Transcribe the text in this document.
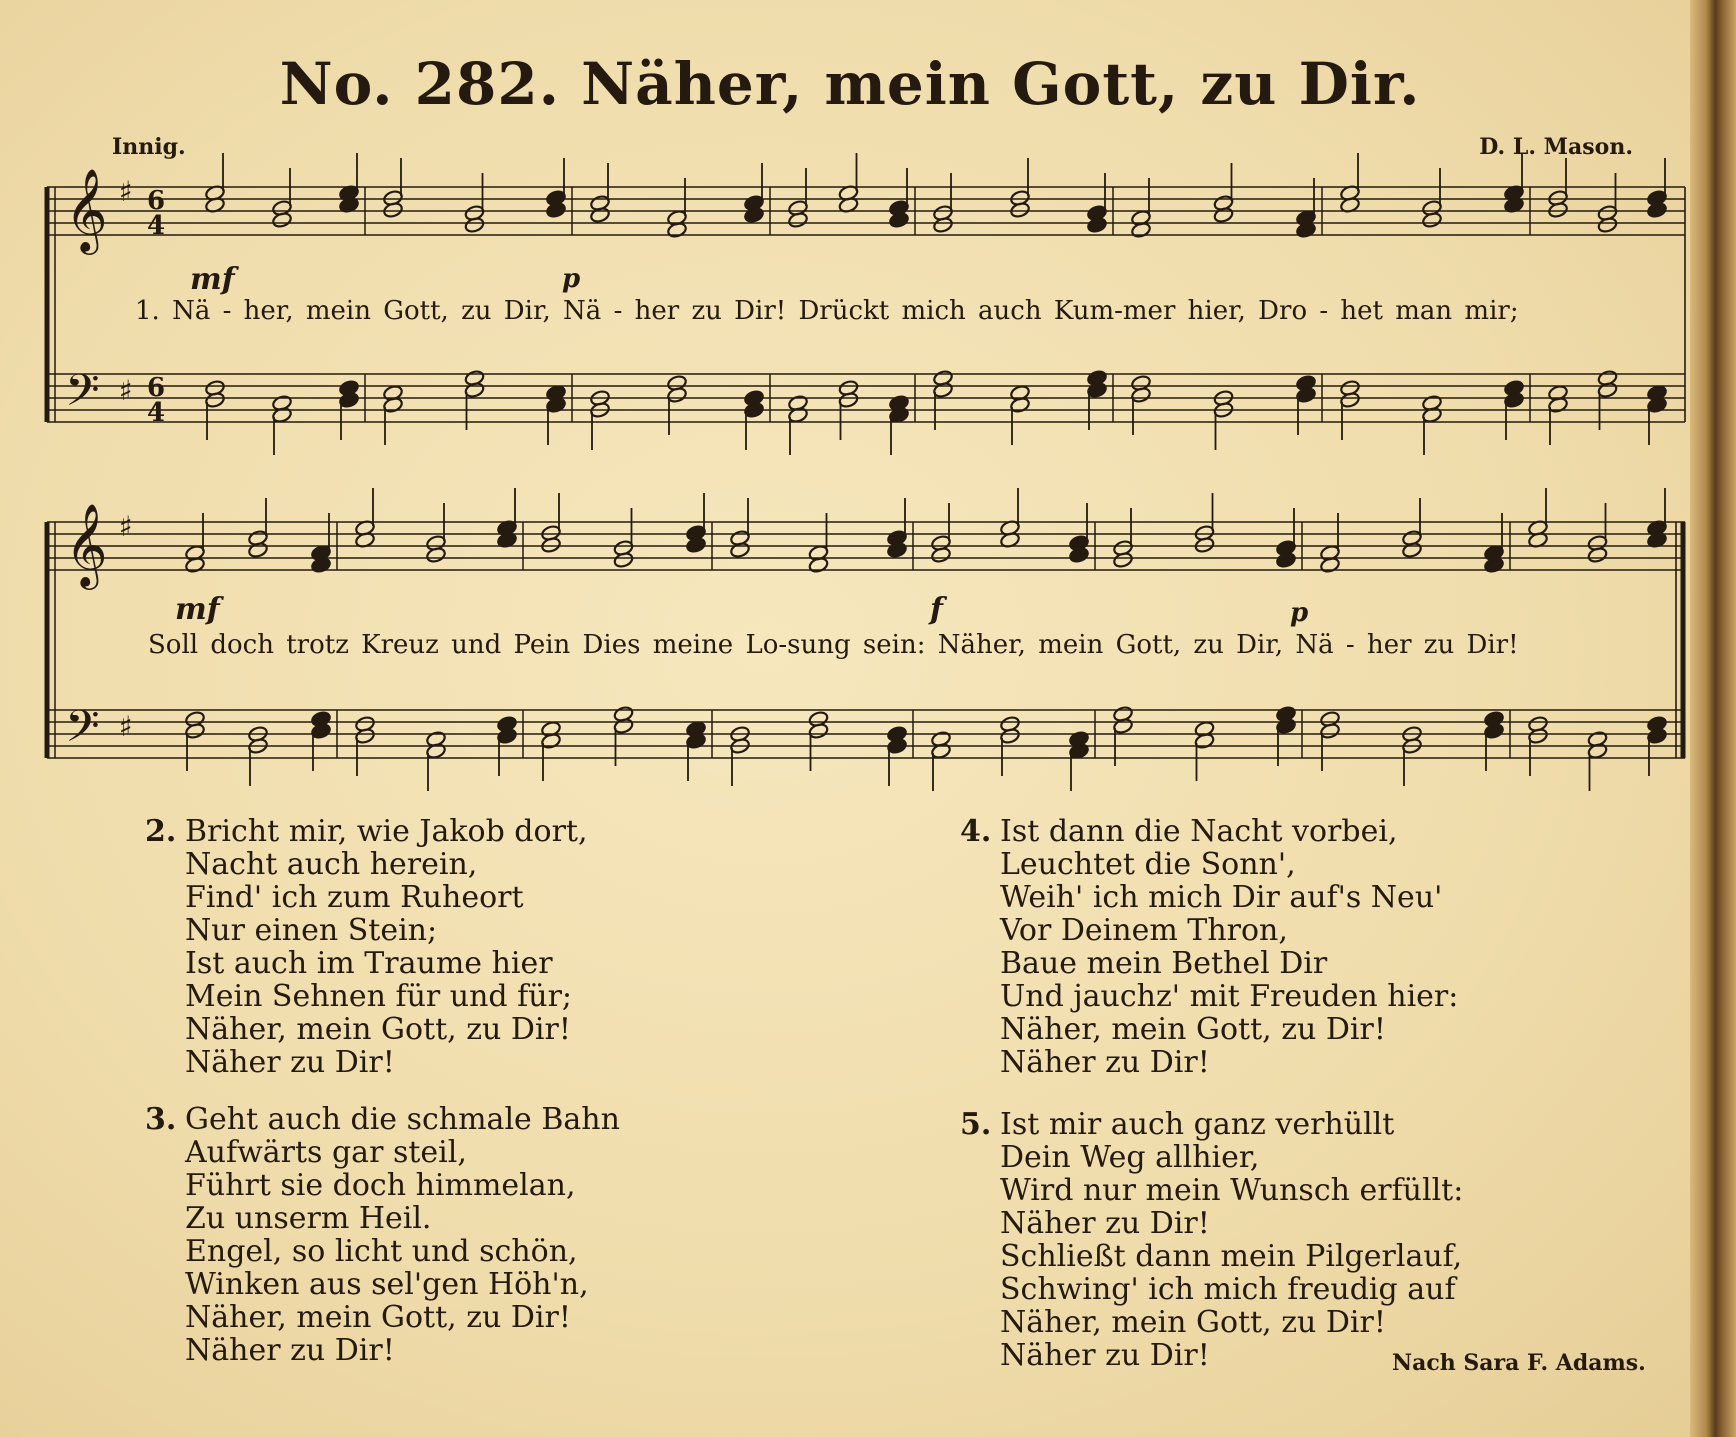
No. 282. Näher, mein Gott, zu Dir.
Innig.	D. L. Mason.
𝄞
𝄢
♯
♯
6
4
6
4
𝄞
𝄢
♯
♯
mf	p
1. Nä - her, mein Gott, zu Dir, Nä - her zu Dir! Drückt mich auch Kum-mer hier, Dro - het man mir;
mf	f	p
Soll doch trotz Kreuz und Pein Dies meine Lo-sung sein: Näher, mein Gott, zu Dir, Nä - her zu Dir!
2. Bricht mir, wie Jakob dort,
Nacht auch herein,
Find' ich zum Ruheort
Nur einen Stein;
Ist auch im Traume hier
Mein Sehnen für und für;
Näher, mein Gott, zu Dir!
Näher zu Dir!
3. Geht auch die schmale Bahn
Aufwärts gar steil,
Führt sie doch himmelan,
Zu unserm Heil.
Engel, so licht und schön,
Winken aus sel'gen Höh'n,
Näher, mein Gott, zu Dir!
Näher zu Dir!
4. Ist dann die Nacht vorbei,
Leuchtet die Sonn',
Weih' ich mich Dir auf's Neu'
Vor Deinem Thron,
Baue mein Bethel Dir
Und jauchz' mit Freuden hier:
Näher, mein Gott, zu Dir!
Näher zu Dir!
5. Ist mir auch ganz verhüllt
Dein Weg allhier,
Wird nur mein Wunsch erfüllt:
Näher zu Dir!
Schließt dann mein Pilgerlauf,
Schwing' ich mich freudig auf
Näher, mein Gott, zu Dir!
Näher zu Dir!	Nach Sara F. Adams.
